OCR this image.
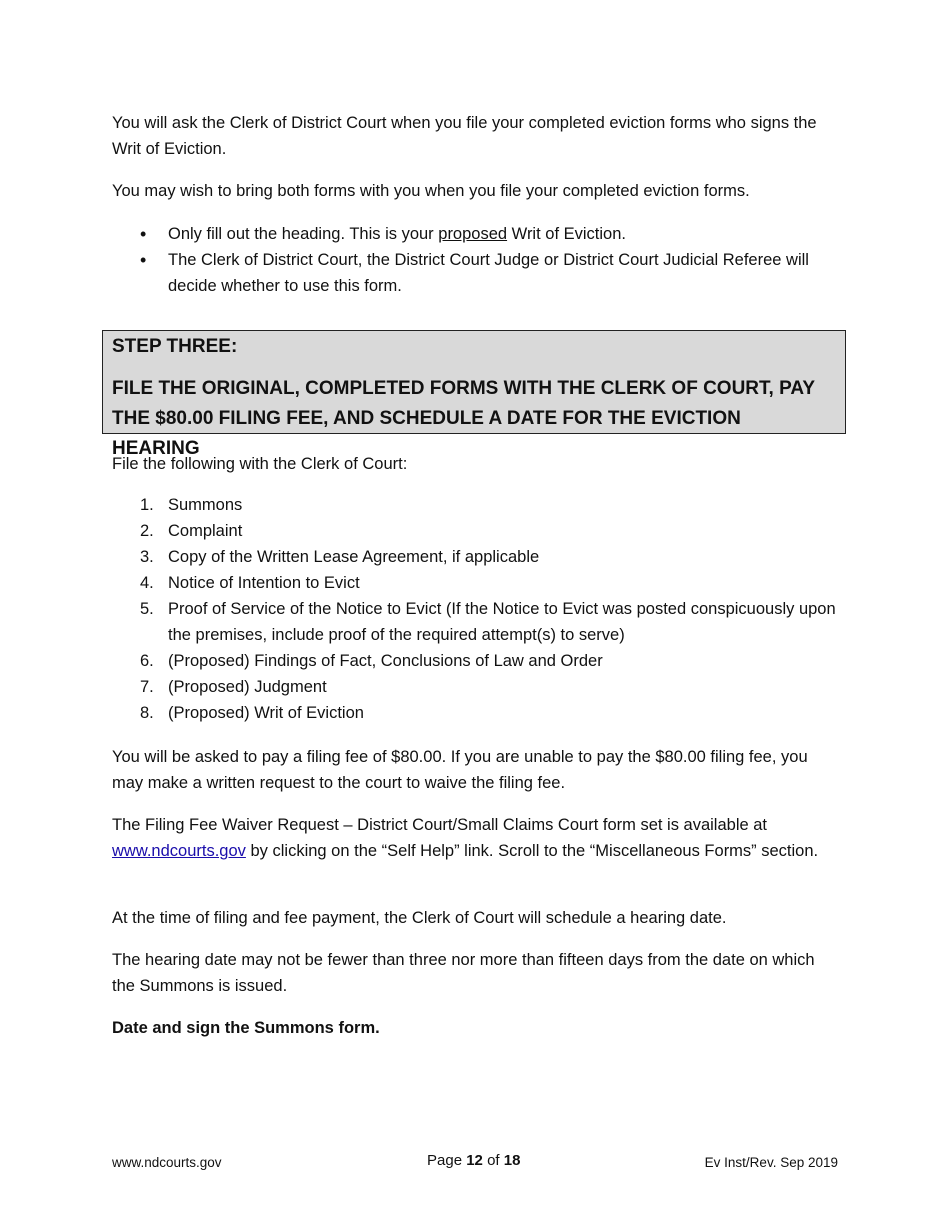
You will ask the Clerk of District Court when you file your completed eviction forms who signs the Writ of Eviction.

You may wish to bring both forms with you when you file your completed eviction forms.

• Only fill out the heading. This is your proposed Writ of Eviction.
• The Clerk of District Court, the District Court Judge or District Court Judicial Referee will decide whether to use this form.

STEP THREE:

FILE THE ORIGINAL, COMPLETED FORMS WITH THE CLERK OF COURT, PAY THE $80.00 FILING FEE, AND SCHEDULE A DATE FOR THE EVICTION HEARING

File the following with the Clerk of Court:

1. Summons
2. Complaint
3. Copy of the Written Lease Agreement, if applicable
4. Notice of Intention to Evict
5. Proof of Service of the Notice to Evict (If the Notice to Evict was posted conspicuously upon the premises, include proof of the required attempt(s) to serve)
6. (Proposed) Findings of Fact, Conclusions of Law and Order
7. (Proposed) Judgment
8. (Proposed) Writ of Eviction

You will be asked to pay a filing fee of $80.00. If you are unable to pay the $80.00 filing fee, you may make a written request to the court to waive the filing fee.

The Filing Fee Waiver Request – District Court/Small Claims Court form set is available at www.ndcourts.gov by clicking on the “Self Help” link. Scroll to the “Miscellaneous Forms” section.

At the time of filing and fee payment, the Clerk of Court will schedule a hearing date.

The hearing date may not be fewer than three nor more than fifteen days from the date on which the Summons is issued.

Date and sign the Summons form.

www.ndcourts.gov	Page 12 of 18	Ev Inst/Rev. Sep 2019
